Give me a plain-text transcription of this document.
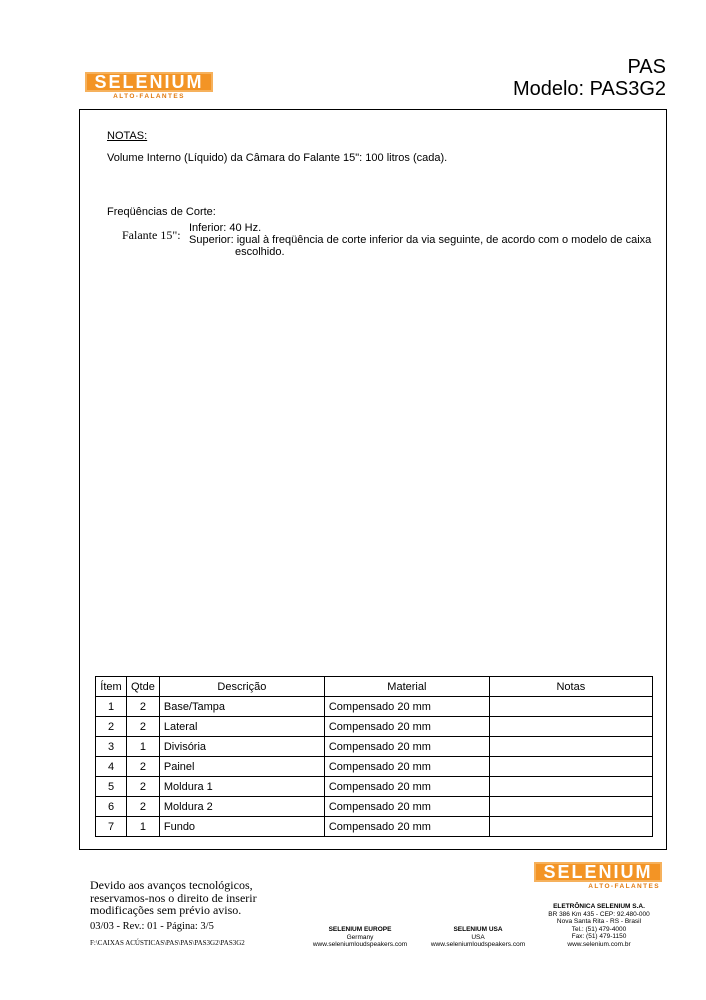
SELENIUM
ALTO-FALANTES
PAS
Modelo: PAS3G2
NOTAS:
Volume Interno (Líquido) da Câmara do Falante 15": 100 litros (cada).
Freqüências de Corte:
Falante 15": Inferior: 40 Hz.
Superior: igual à freqüência de corte inferior da via seguinte, de acordo com o modelo de caixa
escolhido.
Ítem	Qtde	Descrição	Material	Notas
1	2	Base/Tampa	Compensado 20 mm	
2	2	Lateral	Compensado 20 mm	
3	1	Divisória	Compensado 20 mm	
4	2	Painel	Compensado 20 mm	
5	2	Moldura 1	Compensado 20 mm	
6	2	Moldura 2	Compensado 20 mm	
7	1	Fundo	Compensado 20 mm	
Devido aos avanços tecnológicos,
reservamos-nos o direito de inserir
modificações sem prévio aviso.
03/03 - Rev.: 01 - Página: 3/5
F:\CAIXAS ACÚSTICAS\PAS\PAS\PAS3G2\PAS3G2
SELENIUM EUROPE
Germany
www.seleniumloudspeakers.com
SELENIUM USA
USA
www.seleniumloudspeakers.com
SELENIUM
ALTO-FALANTES
ELETRÔNICA SELENIUM S.A.
BR 386 Km 435 - CEP: 92.480-000
Nova Santa Rita - RS - Brasil
Tel.: (51) 479-4000
Fax: (51) 479-1150
www.selenium.com.br
